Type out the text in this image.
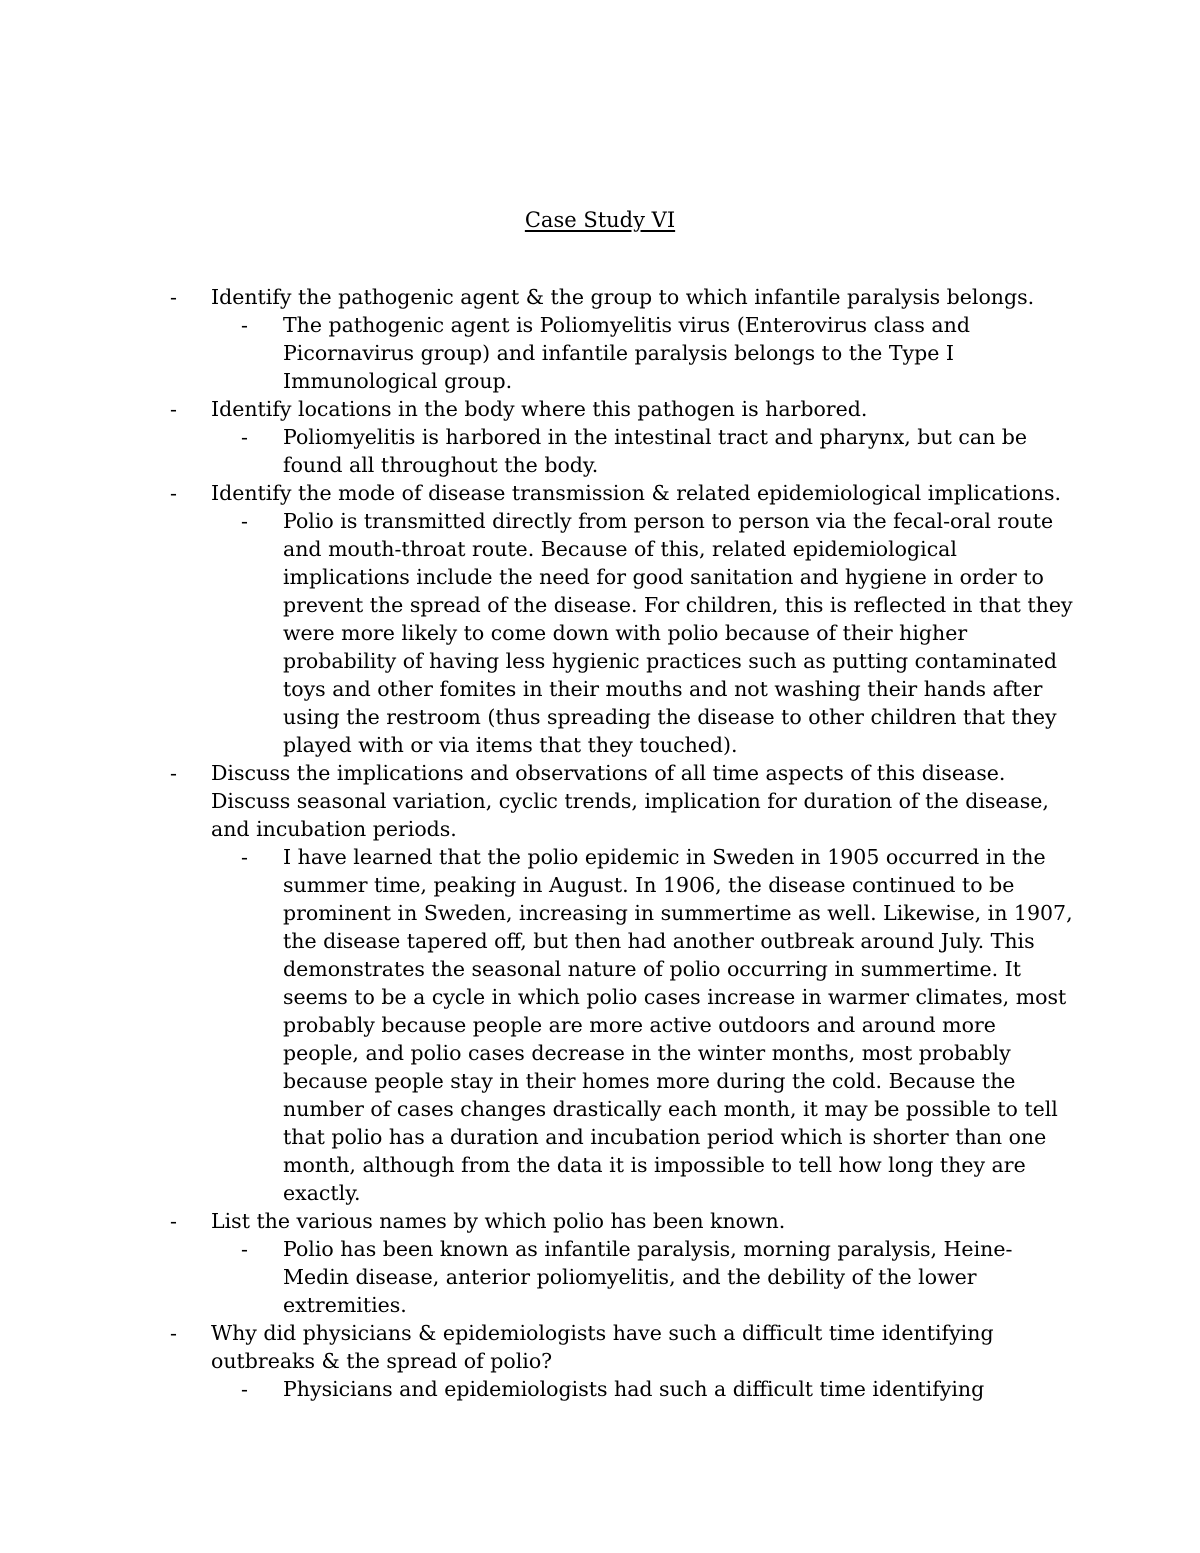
Case Study VI
- Identify the pathogenic agent & the group to which infantile paralysis belongs.
- The pathogenic agent is Poliomyelitis virus (Enterovirus class and Picornavirus group) and infantile paralysis belongs to the Type I Immunological group.
- Identify locations in the body where this pathogen is harbored.
- Poliomyelitis is harbored in the intestinal tract and pharynx, but can be found all throughout the body.
- Identify the mode of disease transmission & related epidemiological implications.
- Polio is transmitted directly from person to person via the fecal-oral route and mouth-throat route. Because of this, related epidemiological implications include the need for good sanitation and hygiene in order to prevent the spread of the disease. For children, this is reflected in that they were more likely to come down with polio because of their higher probability of having less hygienic practices such as putting contaminated toys and other fomites in their mouths and not washing their hands after using the restroom (thus spreading the disease to other children that they played with or via items that they touched).
- Discuss the implications and observations of all time aspects of this disease. Discuss seasonal variation, cyclic trends, implication for duration of the disease, and incubation periods.
- I have learned that the polio epidemic in Sweden in 1905 occurred in the summer time, peaking in August. In 1906, the disease continued to be prominent in Sweden, increasing in summertime as well. Likewise, in 1907, the disease tapered off, but then had another outbreak around July. This demonstrates the seasonal nature of polio occurring in summertime. It seems to be a cycle in which polio cases increase in warmer climates, most probably because people are more active outdoors and around more people, and polio cases decrease in the winter months, most probably because people stay in their homes more during the cold. Because the number of cases changes drastically each month, it may be possible to tell that polio has a duration and incubation period which is shorter than one month, although from the data it is impossible to tell how long they are exactly.
- List the various names by which polio has been known.
- Polio has been known as infantile paralysis, morning paralysis, Heine-Medin disease, anterior poliomyelitis, and the debility of the lower extremities.
- Why did physicians & epidemiologists have such a difficult time identifying outbreaks & the spread of polio?
- Physicians and epidemiologists had such a difficult time identifying
